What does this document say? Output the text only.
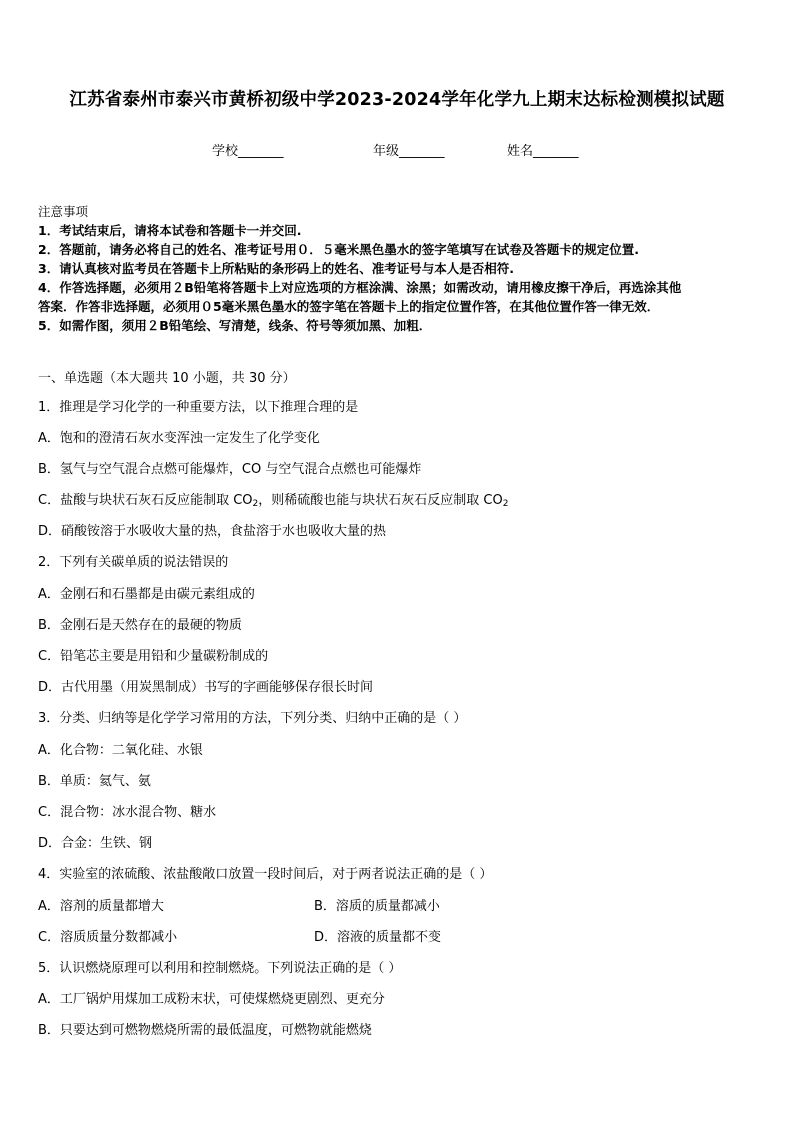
江苏省泰州市泰兴市黄桥初级中学2023-2024学年化学九上期末达标检测模拟试题
学校_______	年级_______	姓名_______
注意事项
1．考试结束后，请将本试卷和答题卡一并交回.
2．答题前，请务必将自己的姓名、准考证号用０．５毫米黑色墨水的签字笔填写在试卷及答题卡的规定位置.
3．请认真核对监考员在答题卡上所粘贴的条形码上的姓名、准考证号与本人是否相符.
4．作答选择题，必须用２B铅笔将答题卡上对应选项的方框涂满、涂黑；如需改动，请用橡皮擦干净后，再选涂其他
答案．作答非选择题，必须用０5毫米黑色墨水的签字笔在答题卡上的指定位置作答，在其他位置作答一律无效．
5．如需作图，须用２B铅笔绘、写清楚，线条、符号等须加黑、加粗．
一、单选题（本大题共 10 小题，共 30 分）
1．推理是学习化学的一种重要方法，以下推理合理的是
A．饱和的澄清石灰水变浑浊一定发生了化学变化
B．氢气与空气混合点燃可能爆炸，CO 与空气混合点燃也可能爆炸
C．盐酸与块状石灰石反应能制取 $CO_2$，则稀硫酸也能与块状石灰石反应制取 $CO_2$
D．硝酸铵溶于水吸收大量的热，食盐溶于水也吸收大量的热
2．下列有关碳单质的说法错误的
A．金刚石和石墨都是由碳元素组成的
B．金刚石是天然存在的最硬的物质
C．铅笔芯主要是用铅和少量碳粉制成的
D．古代用墨（用炭黑制成）书写的字画能够保存很长时间
3．分类、归纳等是化学学习常用的方法，下列分类、归纳中正确的是（ ）
A．化合物：二氧化硅、水银
B．单质：氦气、氨
C．混合物：冰水混合物、糖水
D．合金：生铁、钢
4．实验室的浓硫酸、浓盐酸敞口放置一段时间后，对于两者说法正确的是（ ）
A．溶剂的质量都增大	B．溶质的质量都减小
C．溶质质量分数都减小	D．溶液的质量都不变
5．认识燃烧原理可以利用和控制燃烧。下列说法正确的是（ ）
A．工厂锅炉用煤加工成粉末状，可使煤燃烧更剧烈、更充分
B．只要达到可燃物燃烧所需的最低温度，可燃物就能燃烧
